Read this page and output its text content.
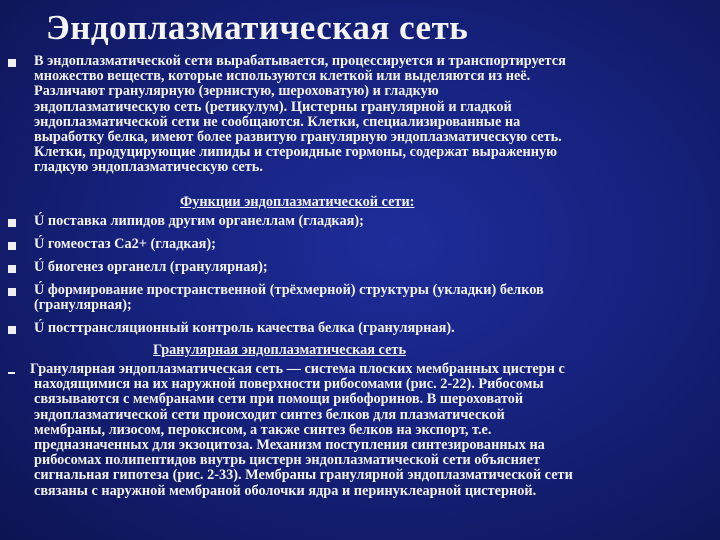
Эндоплазматическая сеть
В эндоплазматической сети вырабатывается, процессируется и транспортируется
множество веществ, которые используются клеткой или выделяются из неё.
Различают гранулярную (зернистую, шероховатую) и гладкую
эндоплазматическую сеть (ретикулум). Цистерны гранулярной и гладкой
эндоплазматической сети не сообщаются. Клетки, специализированные на
выработку белка, имеют более развитую гранулярную эндоплазматическую сеть.
Клетки, продуцирующие липиды и стероидные гормоны, содержат выраженную
гладкую эндоплазматическую сеть.
Функции эндоплазматической сети:
Ú поставка липидов другим органеллам (гладкая);
Ú гомеостаз Са2+ (гладкая);
Ú биогенез органелл (гранулярная);
Ú формирование пространственной (трёхмерной) структуры (укладки) белков
(гранулярная);
Ú посттрансляционный контроль качества белка (гранулярная).
Гранулярная эндоплазматическая сеть
Гранулярная эндоплазматическая сеть — система плоских мембранных цистерн с
находящимися на их наружной поверхности рибосомами (рис. 2-22). Рибосомы
связываются с мембранами сети при помощи рибофоринов. В шероховатой
эндоплазматической сети происходит синтез белков для плазматической
мембраны, лизосом, пероксисом, а также синтез белков на экспорт, т.е.
предназначенных для экзоцитоза. Механизм поступления синтезированных на
рибосомах полипептидов внутрь цистерн эндоплазматической сети объясняет
сигнальная гипотеза (рис. 2-33). Мембраны гранулярной эндоплазматической сети
связаны с наружной мембраной оболочки ядра и перинуклеарной цистерной.
